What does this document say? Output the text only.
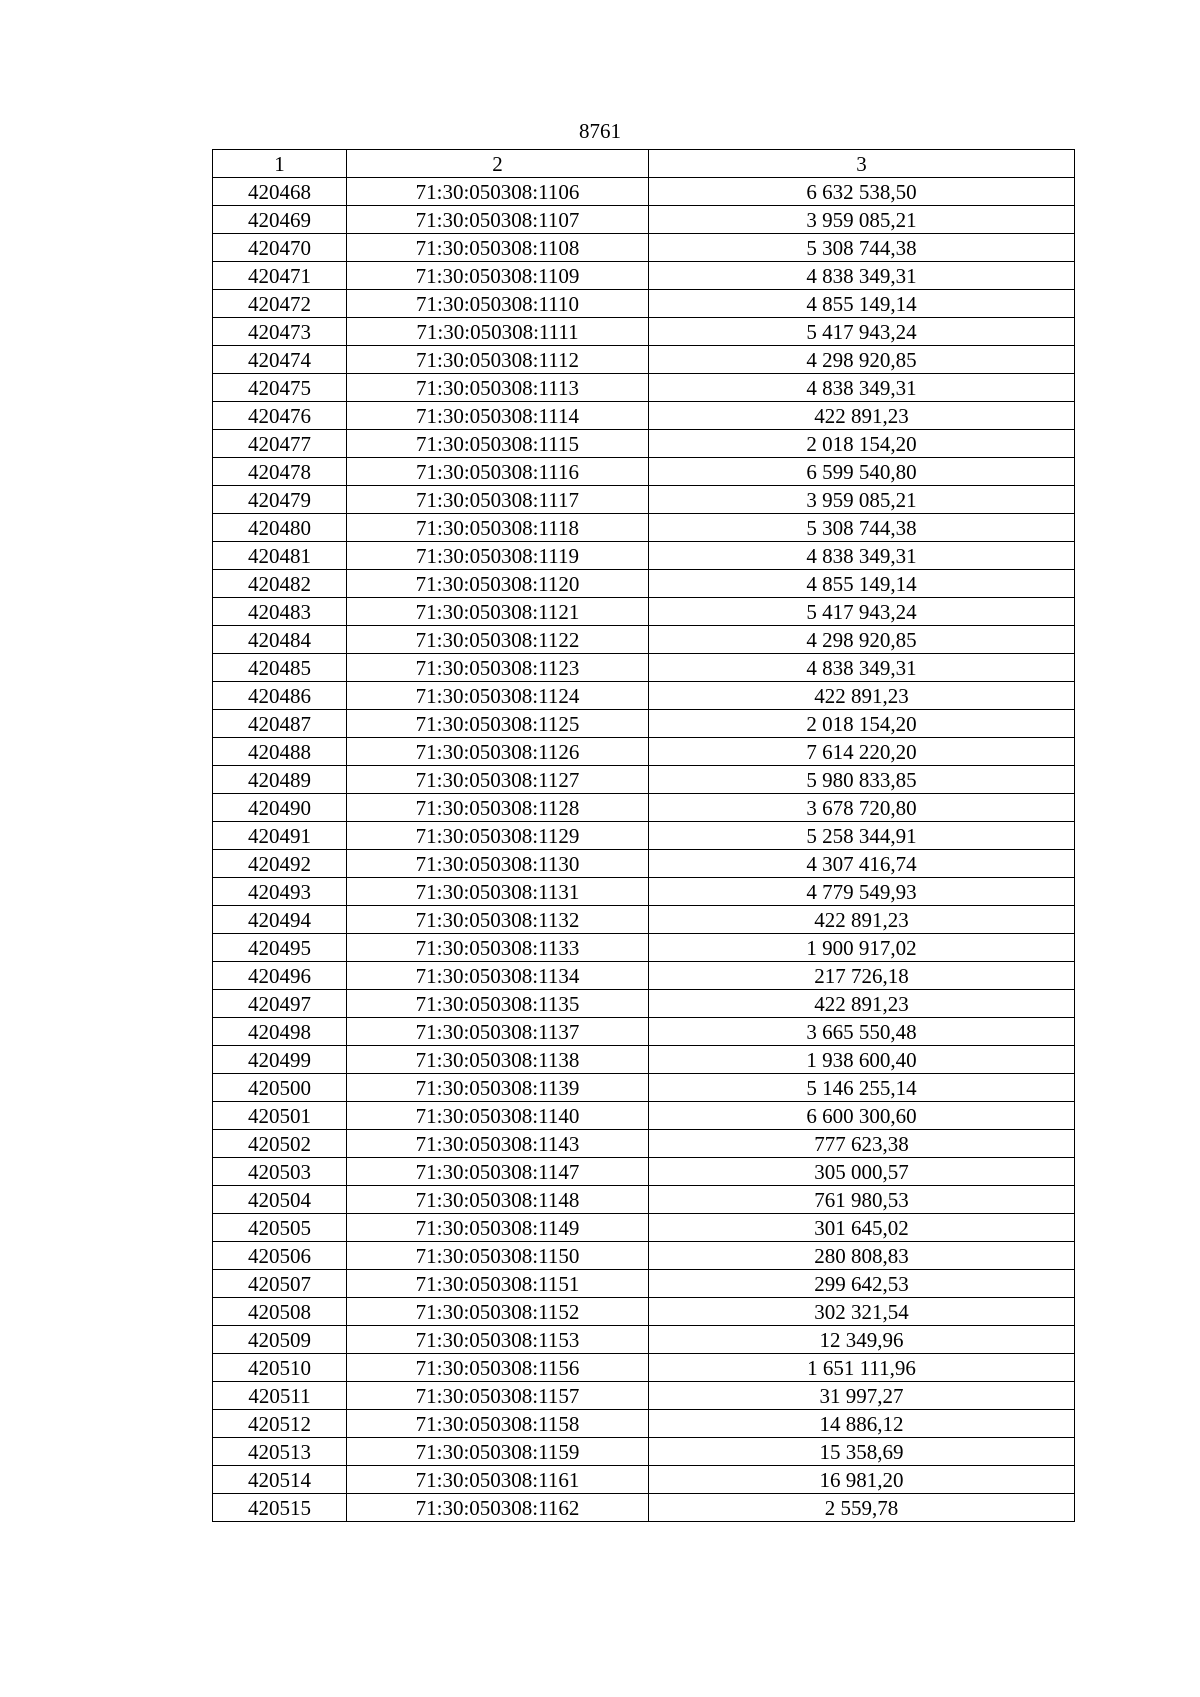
8761
1	2	3
420468	71:30:050308:1106	6 632 538,50
420469	71:30:050308:1107	3 959 085,21
420470	71:30:050308:1108	5 308 744,38
420471	71:30:050308:1109	4 838 349,31
420472	71:30:050308:1110	4 855 149,14
420473	71:30:050308:1111	5 417 943,24
420474	71:30:050308:1112	4 298 920,85
420475	71:30:050308:1113	4 838 349,31
420476	71:30:050308:1114	422 891,23
420477	71:30:050308:1115	2 018 154,20
420478	71:30:050308:1116	6 599 540,80
420479	71:30:050308:1117	3 959 085,21
420480	71:30:050308:1118	5 308 744,38
420481	71:30:050308:1119	4 838 349,31
420482	71:30:050308:1120	4 855 149,14
420483	71:30:050308:1121	5 417 943,24
420484	71:30:050308:1122	4 298 920,85
420485	71:30:050308:1123	4 838 349,31
420486	71:30:050308:1124	422 891,23
420487	71:30:050308:1125	2 018 154,20
420488	71:30:050308:1126	7 614 220,20
420489	71:30:050308:1127	5 980 833,85
420490	71:30:050308:1128	3 678 720,80
420491	71:30:050308:1129	5 258 344,91
420492	71:30:050308:1130	4 307 416,74
420493	71:30:050308:1131	4 779 549,93
420494	71:30:050308:1132	422 891,23
420495	71:30:050308:1133	1 900 917,02
420496	71:30:050308:1134	217 726,18
420497	71:30:050308:1135	422 891,23
420498	71:30:050308:1137	3 665 550,48
420499	71:30:050308:1138	1 938 600,40
420500	71:30:050308:1139	5 146 255,14
420501	71:30:050308:1140	6 600 300,60
420502	71:30:050308:1143	777 623,38
420503	71:30:050308:1147	305 000,57
420504	71:30:050308:1148	761 980,53
420505	71:30:050308:1149	301 645,02
420506	71:30:050308:1150	280 808,83
420507	71:30:050308:1151	299 642,53
420508	71:30:050308:1152	302 321,54
420509	71:30:050308:1153	12 349,96
420510	71:30:050308:1156	1 651 111,96
420511	71:30:050308:1157	31 997,27
420512	71:30:050308:1158	14 886,12
420513	71:30:050308:1159	15 358,69
420514	71:30:050308:1161	16 981,20
420515	71:30:050308:1162	2 559,78
